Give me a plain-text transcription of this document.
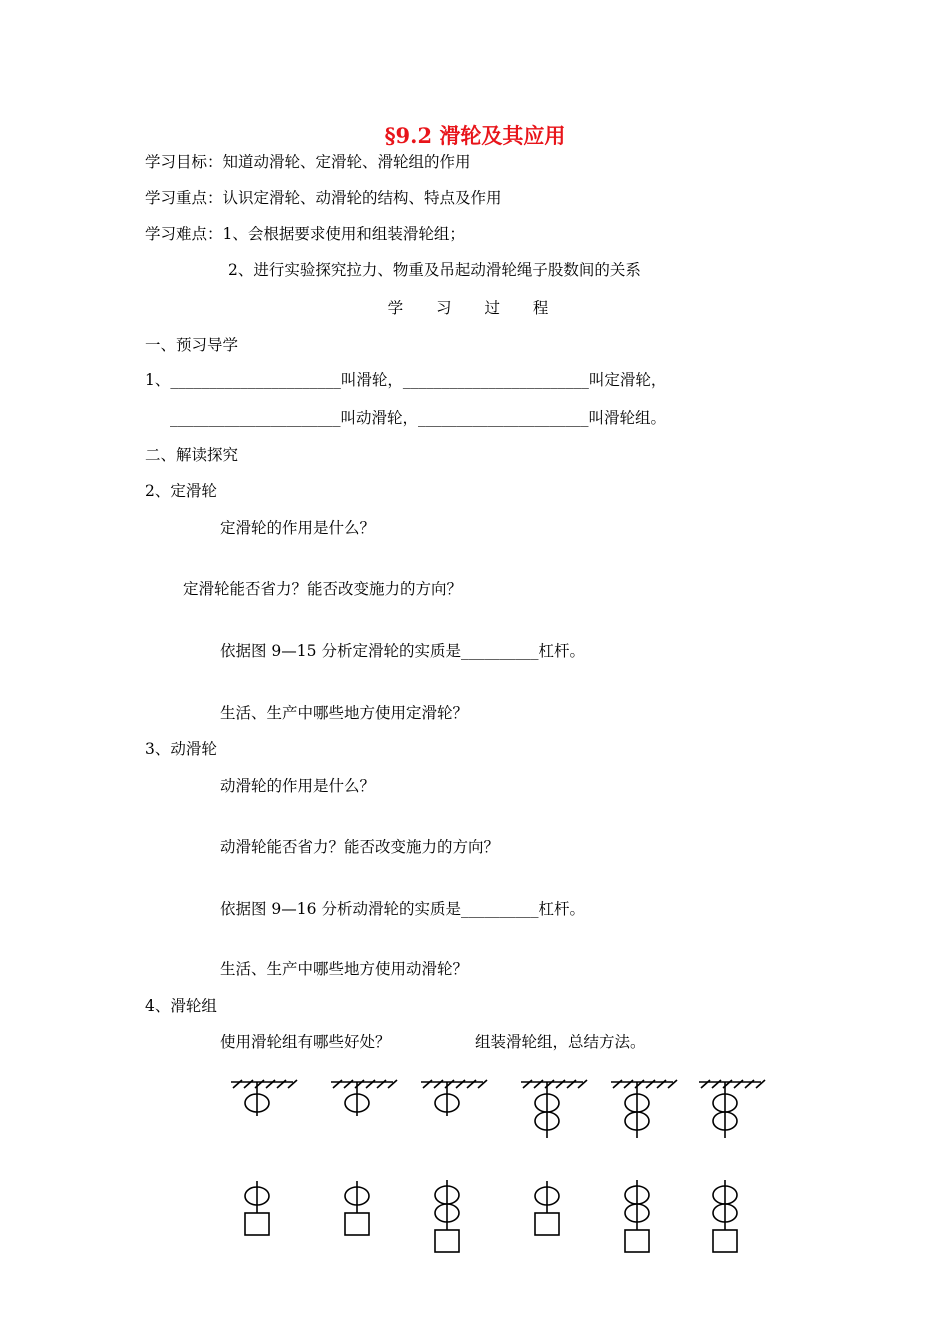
§9.2 滑轮及其应用
学习目标：知道动滑轮、定滑轮、滑轮组的作用
学习重点：认识定滑轮、动滑轮的结构、特点及作用
学习难点：1、会根据要求使用和组装滑轮组；
2、进行实验探究拉力、物重及吊起动滑轮绳子股数间的关系
学 习 过 程
一、预习导学
1、______________________叫滑轮，________________________叫定滑轮，
______________________叫动滑轮，______________________叫滑轮组。
二、解读探究
2、定滑轮
定滑轮的作用是什么？
定滑轮能否省力？能否改变施力的方向？
依据图 9—15 分析定滑轮的实质是__________杠杆。
生活、生产中哪些地方使用定滑轮？
3、动滑轮
动滑轮的作用是什么？
动滑轮能否省力？能否改变施力的方向？
依据图 9—16 分析动滑轮的实质是__________杠杆。
生活、生产中哪些地方使用动滑轮？
4、滑轮组
使用滑轮组有哪些好处？	组装滑轮组，总结方法。
